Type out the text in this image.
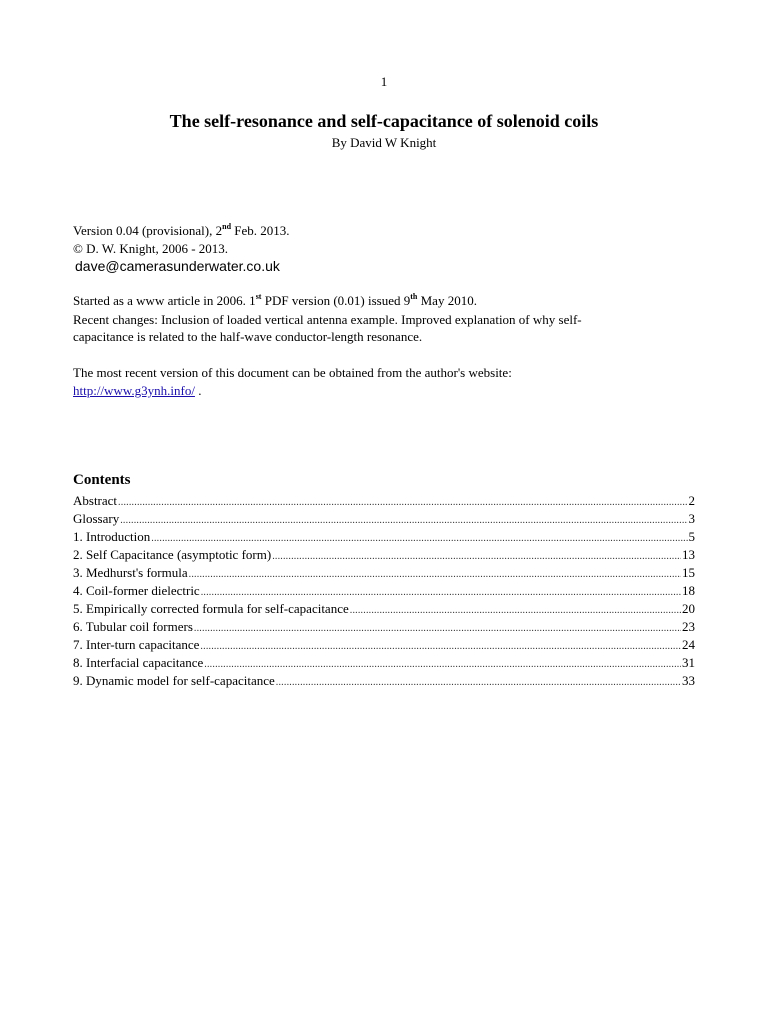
1
The self-resonance and self-capacitance of solenoid coils
By David W Knight
Version 0.04 (provisional), 2nd Feb. 2013.
© D. W. Knight, 2006 - 2013.
dave@camerasunderwater.co.uk
Started as a www article in 2006. 1st PDF version (0.01) issued 9th May 2010.
Recent changes: Inclusion of loaded vertical antenna example. Improved explanation of why self-
capacitance is related to the half-wave conductor-length resonance.
The most recent version of this document can be obtained from the author's website:
http://www.g3ynh.info/ .
Contents
Abstract .....	2
Glossary .....	3
1. Introduction .....	5
2. Self Capacitance (asymptotic form) .....	13
3. Medhurst's formula .....	15
4. Coil-former dielectric .....	18
5. Empirically corrected formula for self-capacitance .....	20
6. Tubular coil formers .....	23
7. Inter-turn capacitance .....	24
8. Interfacial capacitance .....	31
9. Dynamic model for self-capacitance .....	33
